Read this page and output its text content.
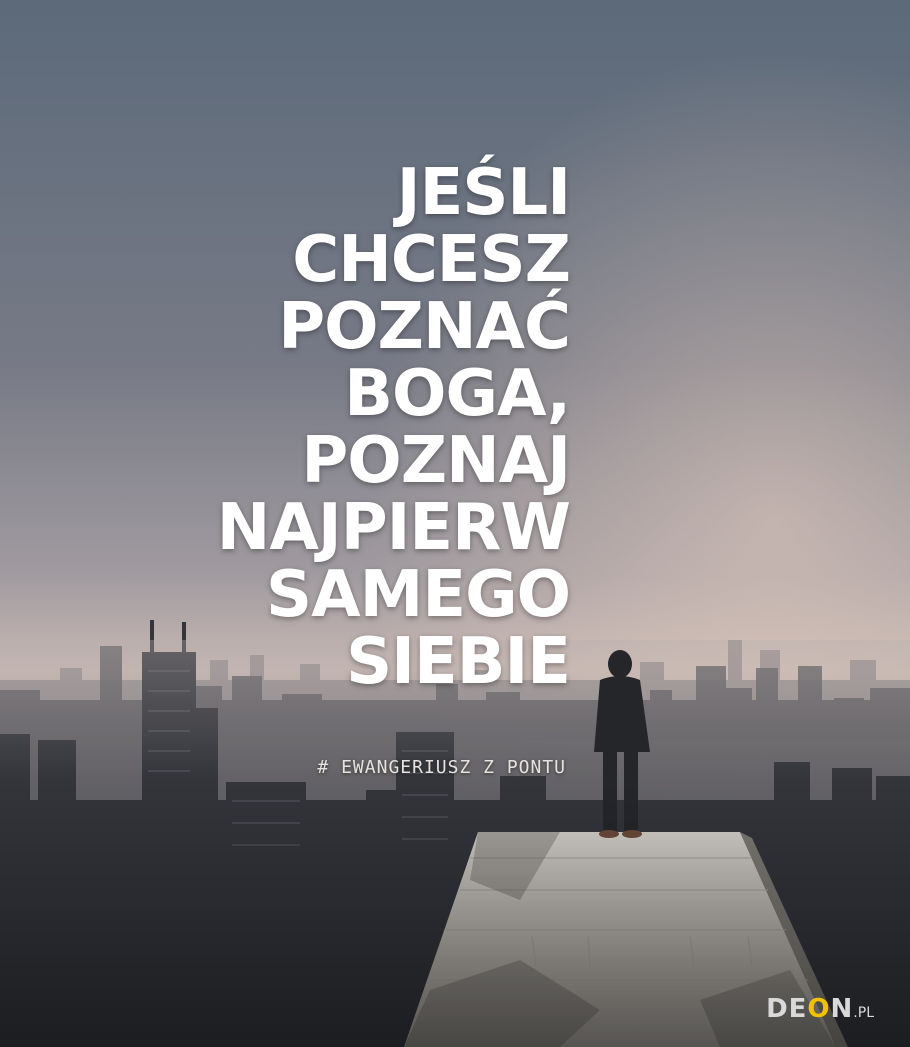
JEŚLI
CHCESZ
POZNAĆ
BOGA,
POZNAJ
NAJPIERW
SAMEGO
SIEBIE
# EWANGERIUSZ Z PONTU
DEON.PL
